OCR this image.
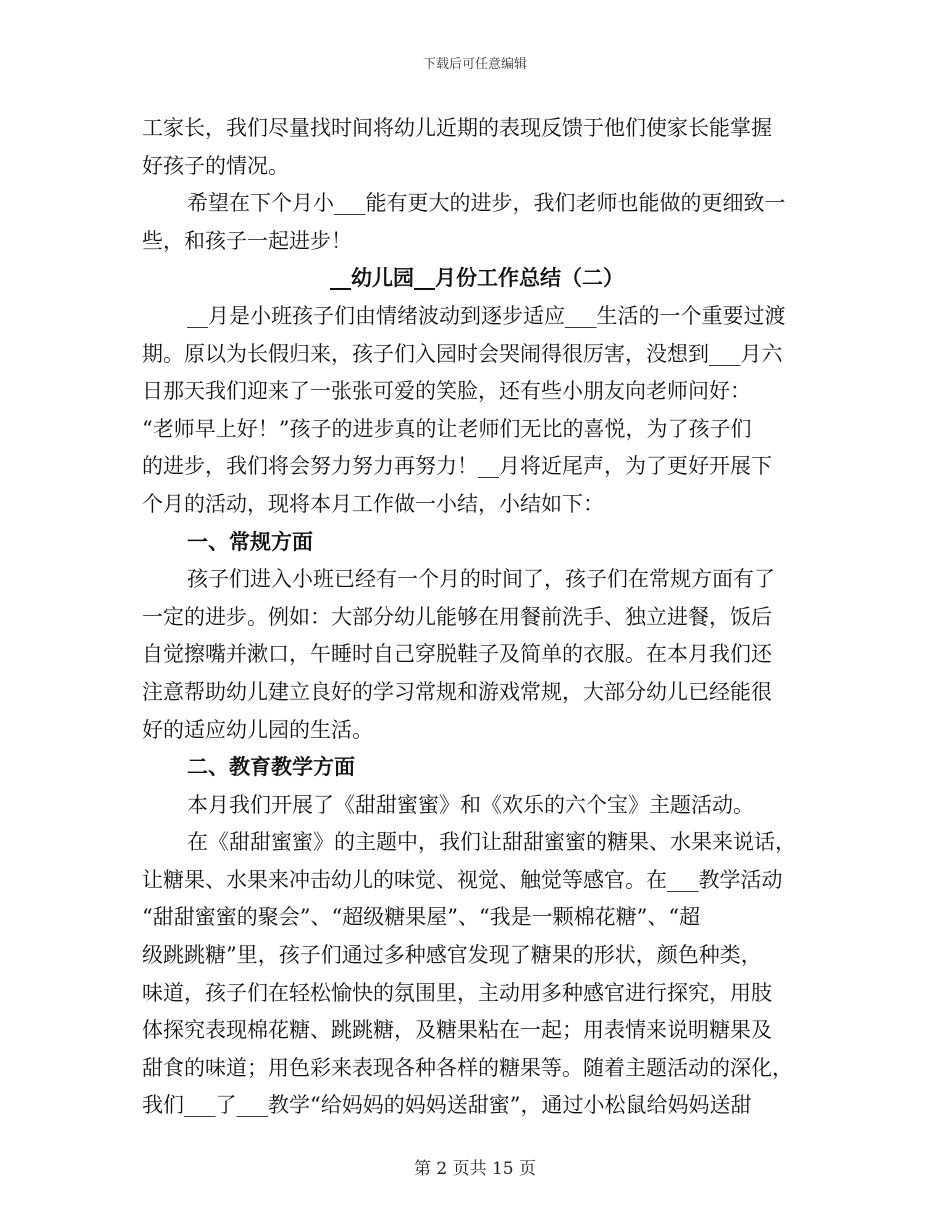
下载后可任意编辑
工家长，我们尽量找时间将幼儿近期的表现反馈于他们使家长能掌握
好孩子的情况。
希望在下个月小___能有更大的进步，我们老师也能做的更细致一
些，和孩子一起进步！
__幼儿园__月份工作总结（二）
__月是小班孩子们由情绪波动到逐步适应___生活的一个重要过渡
期。原以为长假归来，孩子们入园时会哭闹得很厉害，没想到___月六
日那天我们迎来了一张张可爱的笑脸，还有些小朋友向老师问好：
“老师早上好！”孩子的进步真的让老师们无比的喜悦，为了孩子们
的进步，我们将会努力努力再努力！__月将近尾声，为了更好开展下
个月的活动，现将本月工作做一小结，小结如下：
一、常规方面
孩子们进入小班已经有一个月的时间了，孩子们在常规方面有了
一定的进步。例如：大部分幼儿能够在用餐前洗手、独立进餐，饭后
自觉擦嘴并漱口，午睡时自己穿脱鞋子及简单的衣服。在本月我们还
注意帮助幼儿建立良好的学习常规和游戏常规，大部分幼儿已经能很
好的适应幼儿园的生活。
二、教育教学方面
本月我们开展了《甜甜蜜蜜》和《欢乐的六个宝》主题活动。
在《甜甜蜜蜜》的主题中，我们让甜甜蜜蜜的糖果、水果来说话，
让糖果、水果来冲击幼儿的味觉、视觉、触觉等感官。在___教学活动
“甜甜蜜蜜的聚会”、“超级糖果屋”、“我是一颗棉花糖”、“超
级跳跳糖”里，孩子们通过多种感官发现了糖果的形状，颜色种类，
味道，孩子们在轻松愉快的氛围里，主动用多种感官进行探究，用肢
体探究表现棉花糖、跳跳糖，及糖果粘在一起；用表情来说明糖果及
甜食的味道；用色彩来表现各种各样的糖果等。随着主题活动的深化，
我们___了___教学“给妈妈的妈妈送甜蜜”，通过小松鼠给妈妈送甜
第 2 页共 15 页
